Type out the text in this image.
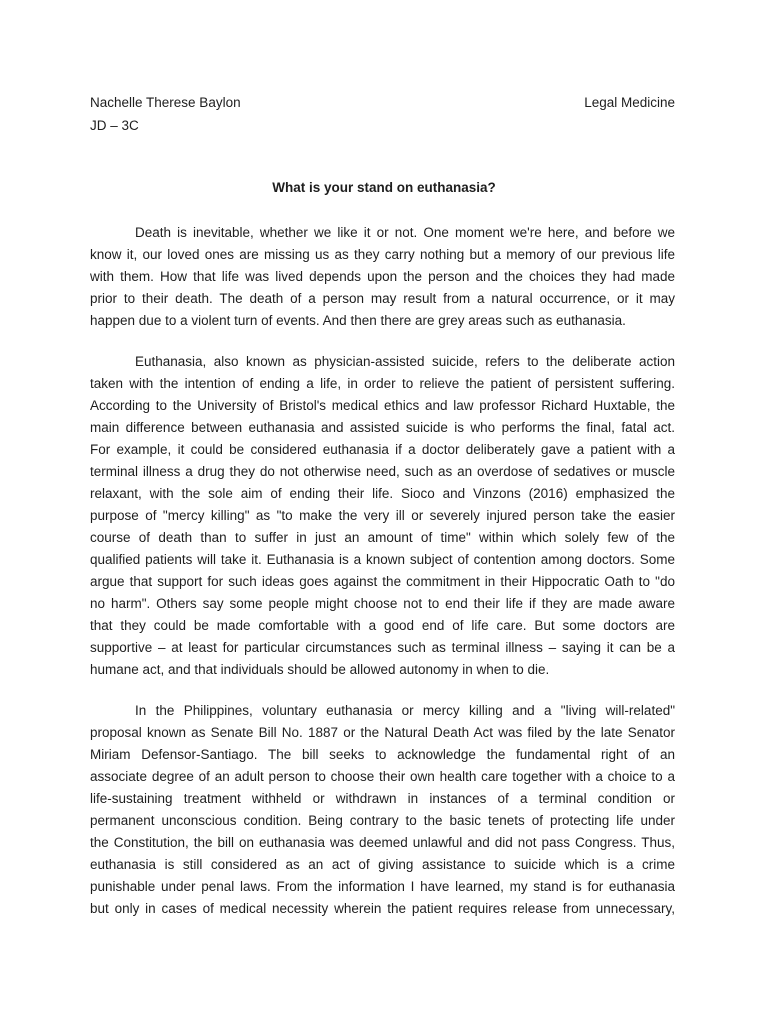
Nachelle Therese Baylon	Legal Medicine
JD – 3C
What is your stand on euthanasia?
Death is inevitable, whether we like it or not. One moment we're here, and before we
know it, our loved ones are missing us as they carry nothing but a memory of our previous life
with them. How that life was lived depends upon the person and the choices they had made
prior to their death. The death of a person may result from a natural occurrence, or it may
happen due to a violent turn of events. And then there are grey areas such as euthanasia.
Euthanasia, also known as physician-assisted suicide, refers to the deliberate action
taken with the intention of ending a life, in order to relieve the patient of persistent suffering.
According to the University of Bristol's medical ethics and law professor Richard Huxtable, the
main difference between euthanasia and assisted suicide is who performs the final, fatal act.
For example, it could be considered euthanasia if a doctor deliberately gave a patient with a
terminal illness a drug they do not otherwise need, such as an overdose of sedatives or muscle
relaxant, with the sole aim of ending their life. Sioco and Vinzons (2016) emphasized the
purpose of "mercy killing" as "to make the very ill or severely injured person take the easier
course of death than to suffer in just an amount of time" within which solely few of the
qualified patients will take it. Euthanasia is a known subject of contention among doctors. Some
argue that support for such ideas goes against the commitment in their Hippocratic Oath to "do
no harm". Others say some people might choose not to end their life if they are made aware
that they could be made comfortable with a good end of life care. But some doctors are
supportive – at least for particular circumstances such as terminal illness – saying it can be a
humane act, and that individuals should be allowed autonomy in when to die.
In the Philippines, voluntary euthanasia or mercy killing and a "living will-related"
proposal known as Senate Bill No. 1887 or the Natural Death Act was filed by the late Senator
Miriam Defensor-Santiago. The bill seeks to acknowledge the fundamental right of an
associate degree of an adult person to choose their own health care together with a choice to a
life-sustaining treatment withheld or withdrawn in instances of a terminal condition or
permanent unconscious condition. Being contrary to the basic tenets of protecting life under
the Constitution, the bill on euthanasia was deemed unlawful and did not pass Congress. Thus,
euthanasia is still considered as an act of giving assistance to suicide which is a crime
punishable under penal laws. From the information I have learned, my stand is for euthanasia
but only in cases of medical necessity wherein the patient requires release from unnecessary,
